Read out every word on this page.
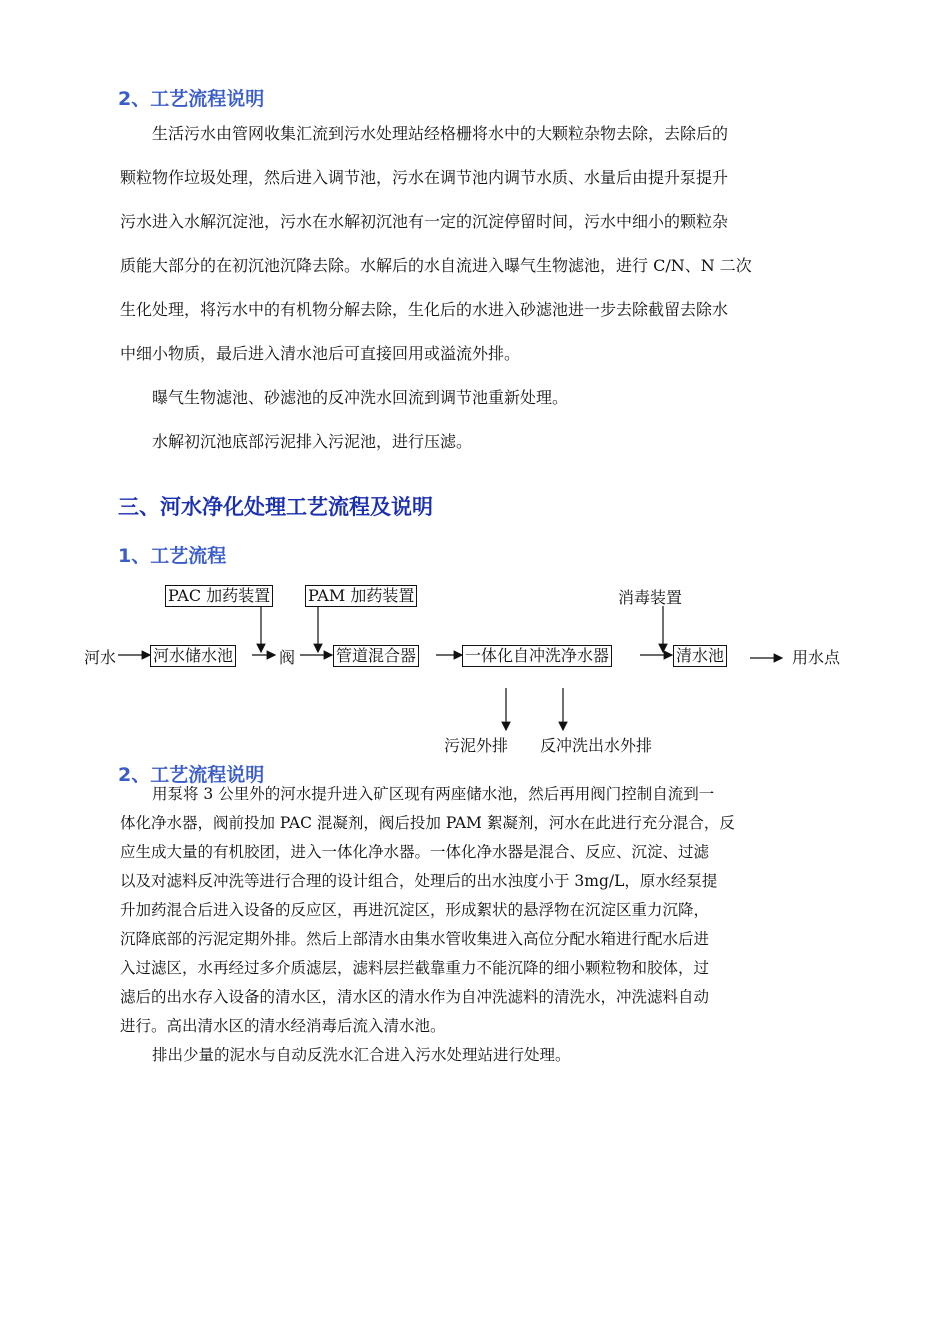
2、工艺流程说明
生活污水由管网收集汇流到污水处理站经格栅将水中的大颗粒杂物去除，去除后的
颗粒物作垃圾处理，然后进入调节池，污水在调节池内调节水质、水量后由提升泵提升
污水进入水解沉淀池，污水在水解初沉池有一定的沉淀停留时间，污水中细小的颗粒杂
质能大部分的在初沉池沉降去除。水解后的水自流进入曝气生物滤池，进行 C/N、N 二次
生化处理，将污水中的有机物分解去除，生化后的水进入砂滤池进一步去除截留去除水
中细小物质，最后进入清水池后可直接回用或溢流外排。
曝气生物滤池、砂滤池的反冲洗水回流到调节池重新处理。
水解初沉池底部污泥排入污泥池，进行压滤。
三、河水净化处理工艺流程及说明
1、工艺流程
PAC 加药装置 PAM 加药装置	消毒装置
河水 河水储水池	阀	管道混合器	一体化自冲洗净水器	清水池	用水点
污泥外排 反冲洗出水外排
2、工艺流程说明
用泵将 3 公里外的河水提升进入矿区现有两座储水池，然后再用阀门控制自流到一
体化净水器，阀前投加 PAC 混凝剂，阀后投加 PAM 絮凝剂，河水在此进行充分混合，反
应生成大量的有机胶团，进入一体化净水器。一体化净水器是混合、反应、沉淀、过滤
以及对滤料反冲洗等进行合理的设计组合，处理后的出水浊度小于 3mg/L，原水经泵提
升加药混合后进入设备的反应区，再进沉淀区，形成絮状的悬浮物在沉淀区重力沉降，
沉降底部的污泥定期外排。然后上部清水由集水管收集进入高位分配水箱进行配水后进
入过滤区，水再经过多介质滤层，滤料层拦截靠重力不能沉降的细小颗粒物和胶体，过
滤后的出水存入设备的清水区，清水区的清水作为自冲洗滤料的清洗水，冲洗滤料自动
进行。高出清水区的清水经消毒后流入清水池。
排出少量的泥水与自动反洗水汇合进入污水处理站进行处理。
